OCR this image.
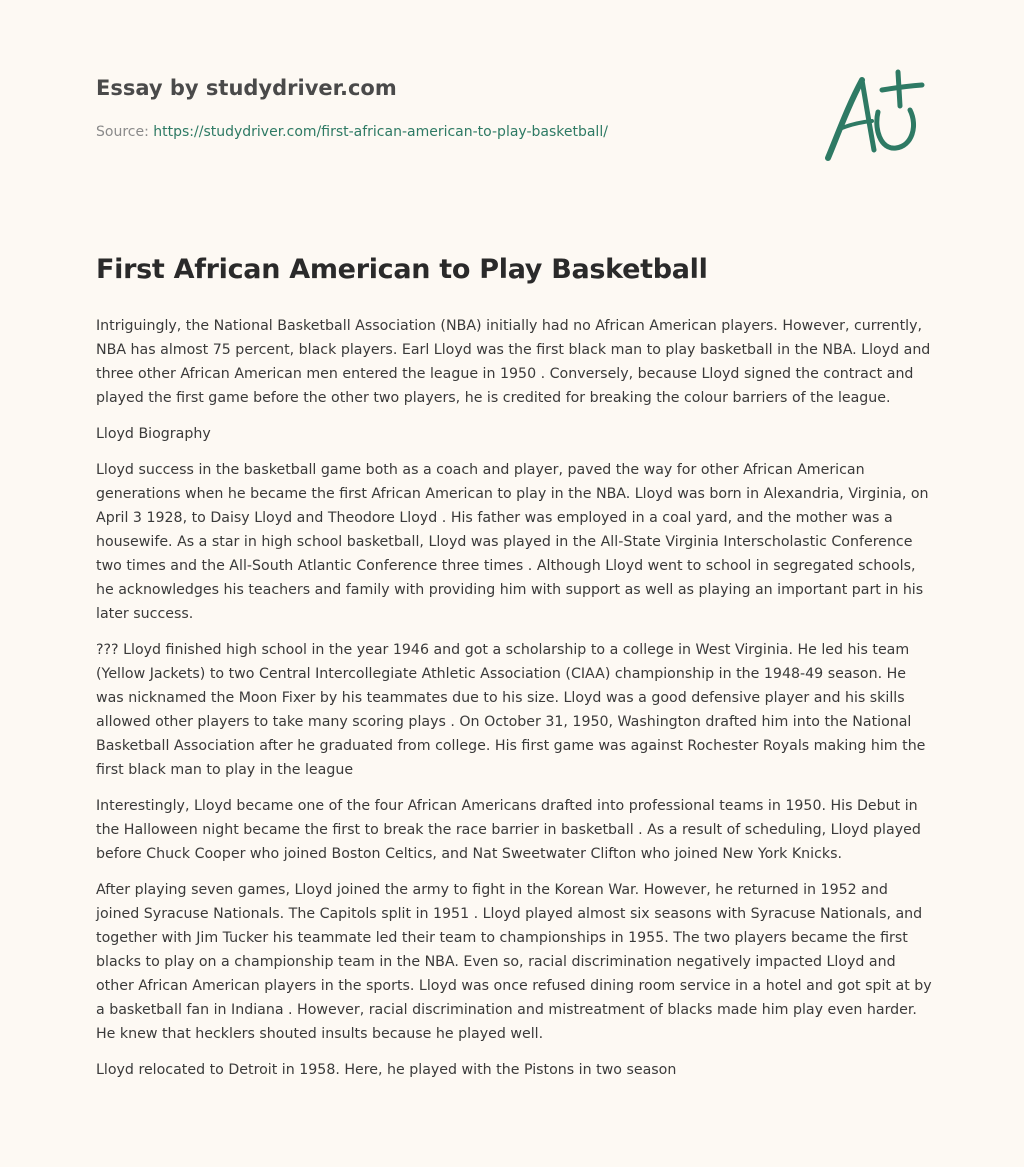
Essay by studydriver.com

Source: https://studydriver.com/first-african-american-to-play-basketball/

First African American to Play Basketball

Intriguingly, the National Basketball Association (NBA) initially had no African American players. However, currently, NBA has almost 75 percent, black players. Earl Lloyd was the first black man to play basketball in the NBA. Lloyd and three other African American men entered the league in 1950 . Conversely, because Lloyd signed the contract and played the first game before the other two players, he is credited for breaking the colour barriers of the league.

Lloyd Biography

Lloyd success in the basketball game both as a coach and player, paved the way for other African American generations when he became the first African American to play in the NBA. Lloyd was born in Alexandria, Virginia, on April 3 1928, to Daisy Lloyd and Theodore Lloyd . His father was employed in a coal yard, and the mother was a housewife. As a star in high school basketball, Lloyd was played in the All-State Virginia Interscholastic Conference two times and the All-South Atlantic Conference three times . Although Lloyd went to school in segregated schools, he acknowledges his teachers and family with providing him with support as well as playing an important part in his later success.

??? Lloyd finished high school in the year 1946 and got a scholarship to a college in West Virginia. He led his team (Yellow Jackets) to two Central Intercollegiate Athletic Association (CIAA) championship in the 1948-49 season. He was nicknamed the Moon Fixer by his teammates due to his size. Lloyd was a good defensive player and his skills allowed other players to take many scoring plays . On October 31, 1950, Washington drafted him into the National Basketball Association after he graduated from college. His first game was against Rochester Royals making him the first black man to play in the league

Interestingly, Lloyd became one of the four African Americans drafted into professional teams in 1950. His Debut in the Halloween night became the first to break the race barrier in basketball . As a result of scheduling, Lloyd played before Chuck Cooper who joined Boston Celtics, and Nat Sweetwater Clifton who joined New York Knicks.

After playing seven games, Lloyd joined the army to fight in the Korean War. However, he returned in 1952 and joined Syracuse Nationals. The Capitols split in 1951 . Lloyd played almost six seasons with Syracuse Nationals, and together with Jim Tucker his teammate led their team to championships in 1955. The two players became the first blacks to play on a championship team in the NBA. Even so, racial discrimination negatively impacted Lloyd and other African American players in the sports. Lloyd was once refused dining room service in a hotel and got spit at by a basketball fan in Indiana . However, racial discrimination and mistreatment of blacks made him play even harder. He knew that hecklers shouted insults because he played well.

Lloyd relocated to Detroit in 1958. Here, he played with the Pistons in two season
